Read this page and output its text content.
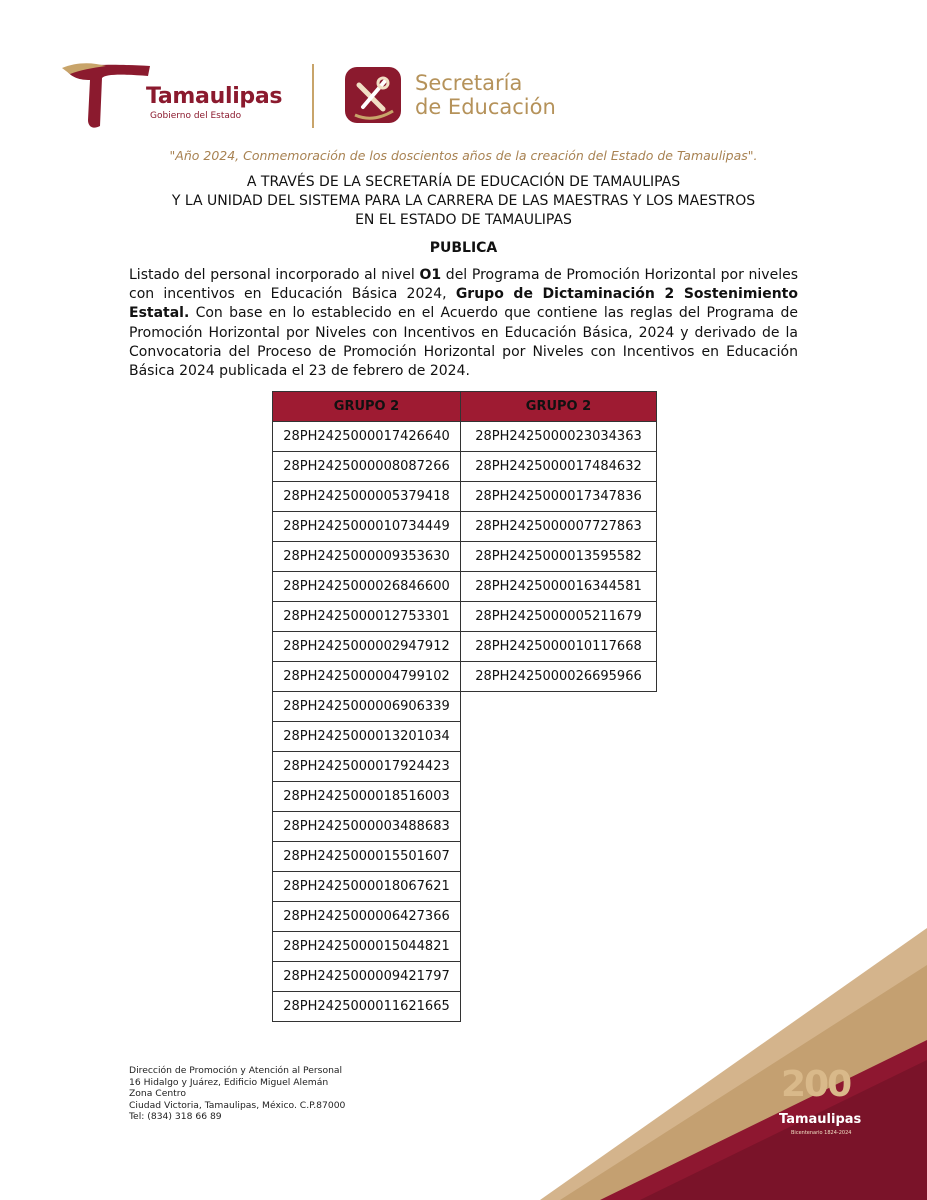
Tamaulipas
Gobierno del Estado
Secretaría
de Educación
"Año 2024, Conmemoración de los doscientos años de la creación del Estado de Tamaulipas".
A TRAVÉS DE LA SECRETARÍA DE EDUCACIÓN DE TAMAULIPAS
Y LA UNIDAD DEL SISTEMA PARA LA CARRERA DE LAS MAESTRAS Y LOS MAESTROS
EN EL ESTADO DE TAMAULIPAS
PUBLICA
Listado del personal incorporado al nivel O1 del Programa de Promoción Horizontal por niveles con incentivos en Educación Básica 2024, Grupo de Dictaminación 2 Sostenimiento Estatal. Con base en lo establecido en el Acuerdo que contiene las reglas del Programa de Promoción Horizontal por Niveles con Incentivos en Educación Básica, 2024 y derivado de la Convocatoria del Proceso de Promoción Horizontal por Niveles con Incentivos en Educación Básica 2024 publicada el 23 de febrero de 2024.
GRUPO 2	GRUPO 2
28PH2425000017426640	28PH2425000023034363
28PH2425000008087266	28PH2425000017484632
28PH2425000005379418	28PH2425000017347836
28PH2425000010734449	28PH2425000007727863
28PH2425000009353630	28PH2425000013595582
28PH2425000026846600	28PH2425000016344581
28PH2425000012753301	28PH2425000005211679
28PH2425000002947912	28PH2425000010117668
28PH2425000004799102	28PH2425000026695966
28PH2425000006906339	
28PH2425000013201034	
28PH2425000017924423	
28PH2425000018516003	
28PH2425000003488683	
28PH2425000015501607	
28PH2425000018067621	
28PH2425000006427366	
28PH2425000015044821	
28PH2425000009421797	
28PH2425000011621665	
Dirección de Promoción y Atención al Personal
16 Hidalgo y Juárez, Edificio Miguel Alemán
Zona Centro
Ciudad Victoria, Tamaulipas, México. C.P.87000
Tel: (834) 318 66 89
200
Tamaulipas
Bicentenario 1824-2024
